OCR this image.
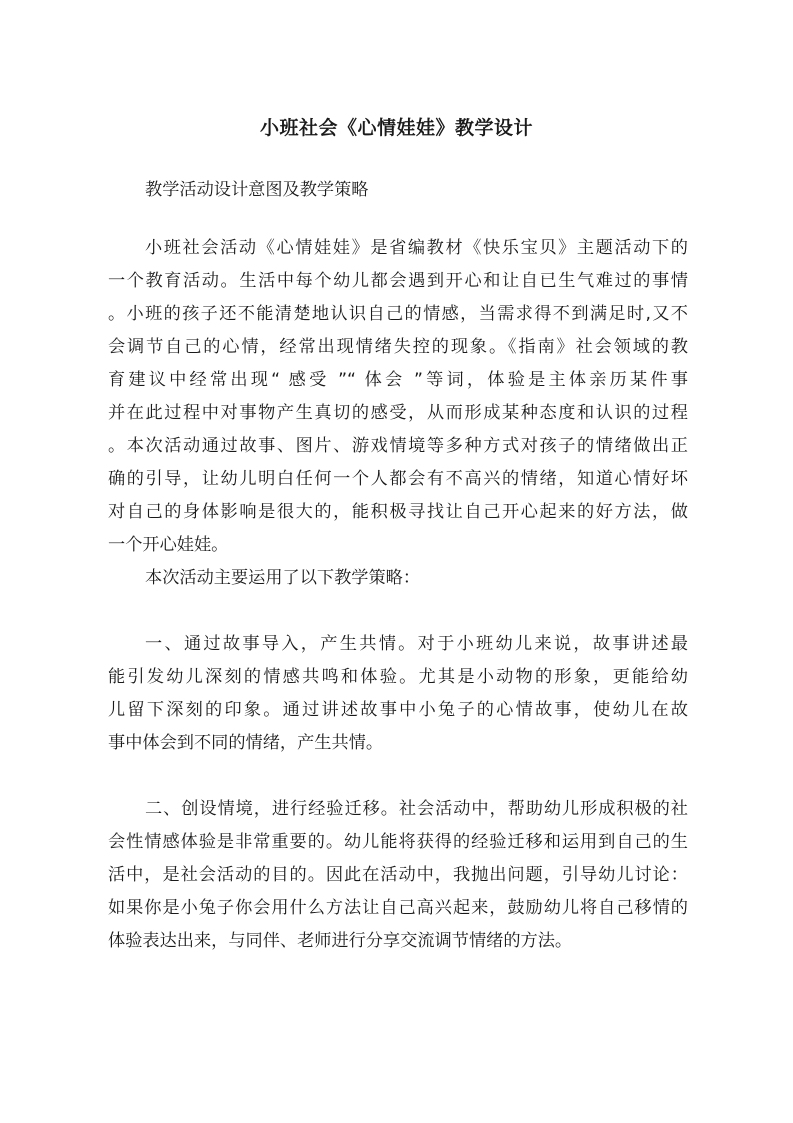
小班社会《心情娃娃》教学设计
教学活动设计意图及教学策略
小班社会活动《心情娃娃》是省编教材《快乐宝贝》主题活动下的
一个教育活动。生活中每个幼儿都会遇到开心和让自已生气难过的事情
。小班的孩子还不能清楚地认识自己的情感，当需求得不到满足时,又不
会调节自己的心情，经常出现情绪失控的现象。《指南》社会领域的教
育建议中经常出现“ 感受 ”“ 体会 ”等词，体验是主体亲历某件事
并在此过程中对事物产生真切的感受，从而形成某种态度和认识的过程
。本次活动通过故事、图片、游戏情境等多种方式对孩子的情绪做出正
确的引导，让幼儿明白任何一个人都会有不高兴的情绪，知道心情好坏
对自己的身体影响是很大的，能积极寻找让自己开心起来的好方法，做
一个开心娃娃。
本次活动主要运用了以下教学策略：
一、通过故事导入，产生共情。对于小班幼儿来说，故事讲述最
能引发幼儿深刻的情感共鸣和体验。尤其是小动物的形象，更能给幼
儿留下深刻的印象。通过讲述故事中小兔子的心情故事，使幼儿在故
事中体会到不同的情绪，产生共情。
二、创设情境，进行经验迁移。社会活动中，帮助幼儿形成积极的社
会性情感体验是非常重要的。幼儿能将获得的经验迁移和运用到自己的生
活中，是社会活动的目的。因此在活动中，我抛出问题，引导幼儿讨论：
如果你是小兔子你会用什么方法让自己高兴起来，鼓励幼儿将自己移情的
体验表达出来，与同伴、老师进行分享交流调节情绪的方法。
